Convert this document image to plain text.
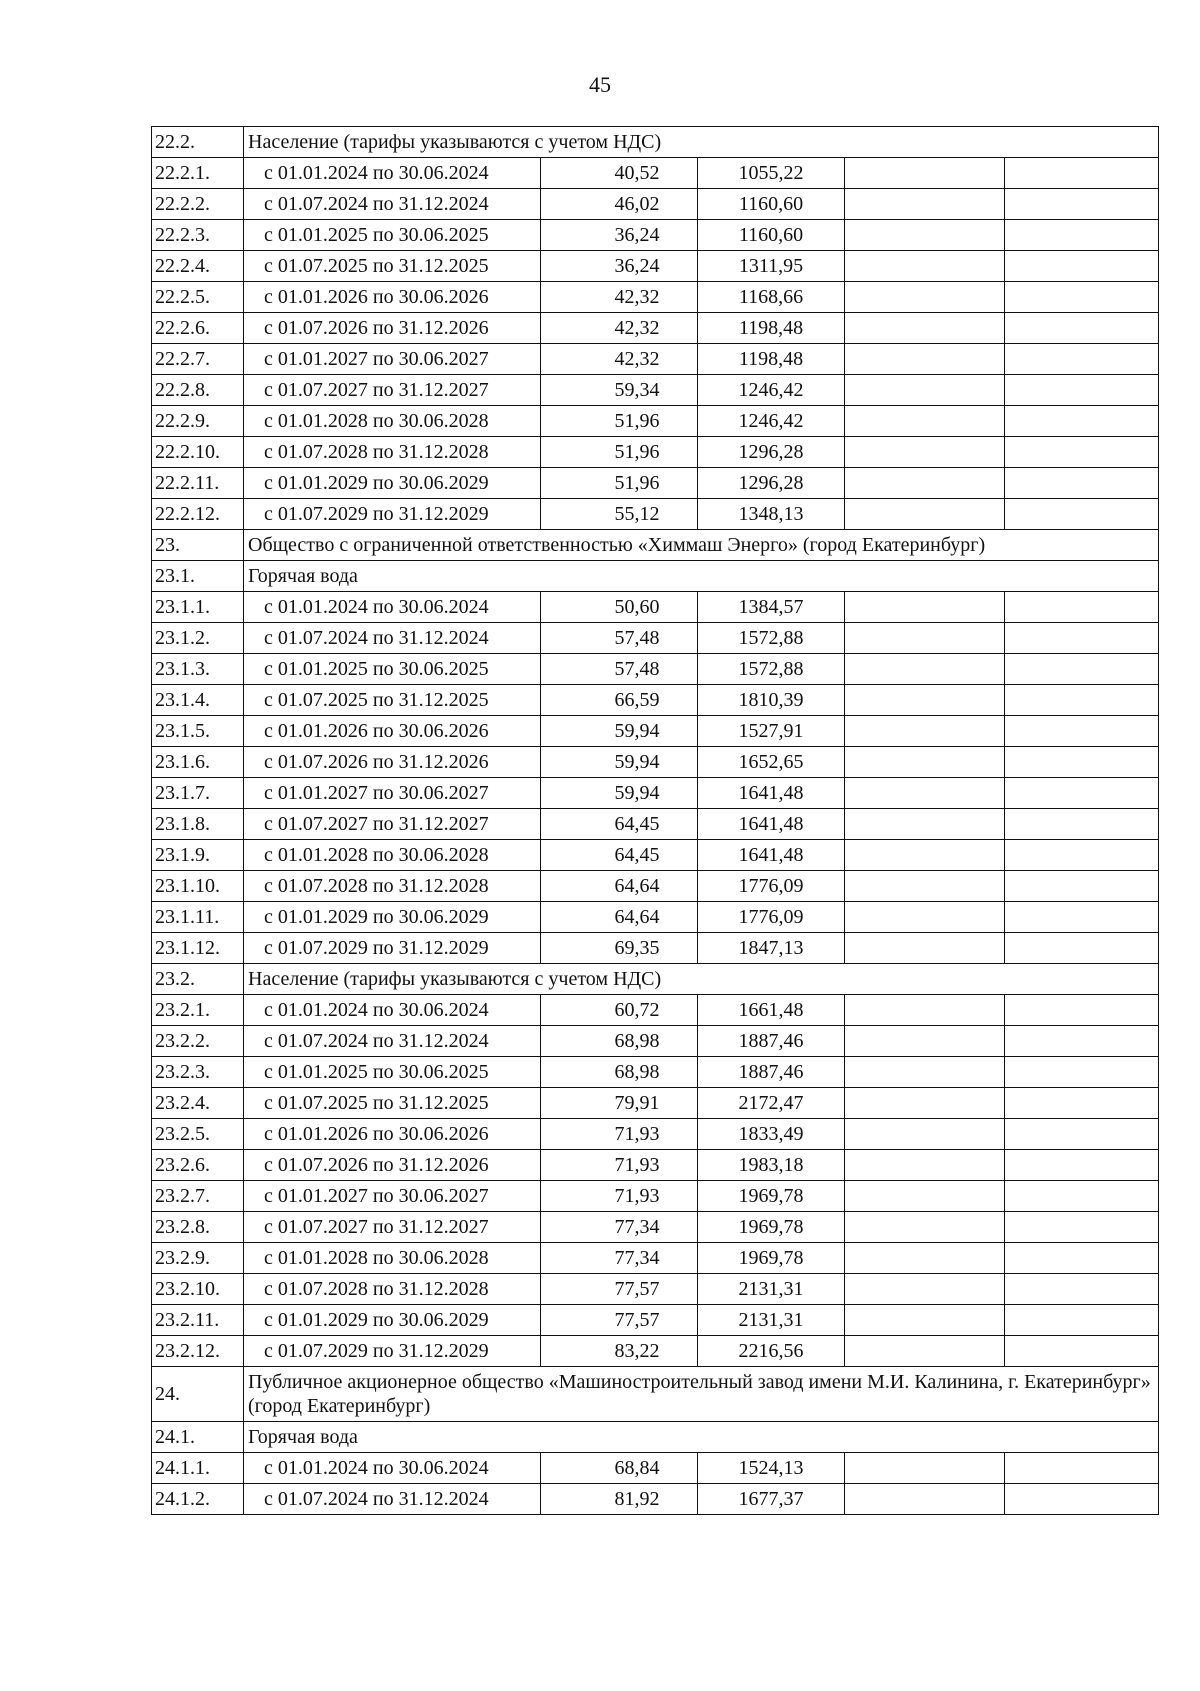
45
22.2.	Население (тарифы указываются с учетом НДС)				
22.2.1.	с 01.01.2024 по 30.06.2024	40,52	1055,22		
22.2.2.	с 01.07.2024 по 31.12.2024	46,02	1160,60		
22.2.3.	с 01.01.2025 по 30.06.2025	36,24	1160,60		
22.2.4.	с 01.07.2025 по 31.12.2025	36,24	1311,95		
22.2.5.	с 01.01.2026 по 30.06.2026	42,32	1168,66		
22.2.6.	с 01.07.2026 по 31.12.2026	42,32	1198,48		
22.2.7.	с 01.01.2027 по 30.06.2027	42,32	1198,48		
22.2.8.	с 01.07.2027 по 31.12.2027	59,34	1246,42		
22.2.9.	с 01.01.2028 по 30.06.2028	51,96	1246,42		
22.2.10.	с 01.07.2028 по 31.12.2028	51,96	1296,28		
22.2.11.	с 01.01.2029 по 30.06.2029	51,96	1296,28		
22.2.12.	с 01.07.2029 по 31.12.2029	55,12	1348,13		
23.	Общество с ограниченной ответственностью «Химмаш Энерго» (город Екатеринбург)				
23.1.	Горячая вода				
23.1.1.	с 01.01.2024 по 30.06.2024	50,60	1384,57		
23.1.2.	с 01.07.2024 по 31.12.2024	57,48	1572,88		
23.1.3.	с 01.01.2025 по 30.06.2025	57,48	1572,88		
23.1.4.	с 01.07.2025 по 31.12.2025	66,59	1810,39		
23.1.5.	с 01.01.2026 по 30.06.2026	59,94	1527,91		
23.1.6.	с 01.07.2026 по 31.12.2026	59,94	1652,65		
23.1.7.	с 01.01.2027 по 30.06.2027	59,94	1641,48		
23.1.8.	с 01.07.2027 по 31.12.2027	64,45	1641,48		
23.1.9.	с 01.01.2028 по 30.06.2028	64,45	1641,48		
23.1.10.	с 01.07.2028 по 31.12.2028	64,64	1776,09		
23.1.11.	с 01.01.2029 по 30.06.2029	64,64	1776,09		
23.1.12.	с 01.07.2029 по 31.12.2029	69,35	1847,13		
23.2.	Население (тарифы указываются с учетом НДС)				
23.2.1.	с 01.01.2024 по 30.06.2024	60,72	1661,48		
23.2.2.	с 01.07.2024 по 31.12.2024	68,98	1887,46		
23.2.3.	с 01.01.2025 по 30.06.2025	68,98	1887,46		
23.2.4.	с 01.07.2025 по 31.12.2025	79,91	2172,47		
23.2.5.	с 01.01.2026 по 30.06.2026	71,93	1833,49		
23.2.6.	с 01.07.2026 по 31.12.2026	71,93	1983,18		
23.2.7.	с 01.01.2027 по 30.06.2027	71,93	1969,78		
23.2.8.	с 01.07.2027 по 31.12.2027	77,34	1969,78		
23.2.9.	с 01.01.2028 по 30.06.2028	77,34	1969,78		
23.2.10.	с 01.07.2028 по 31.12.2028	77,57	2131,31		
23.2.11.	с 01.01.2029 по 30.06.2029	77,57	2131,31		
23.2.12.	с 01.07.2029 по 31.12.2029	83,22	2216,56		
24.	Публичное акционерное общество «Машиностроительный завод имени М.И. Калинина, г. Екатеринбург» (город Екатеринбург)				
24.1.	Горячая вода				
24.1.1.	с 01.01.2024 по 30.06.2024	68,84	1524,13		
24.1.2.	с 01.07.2024 по 31.12.2024	81,92	1677,37		
